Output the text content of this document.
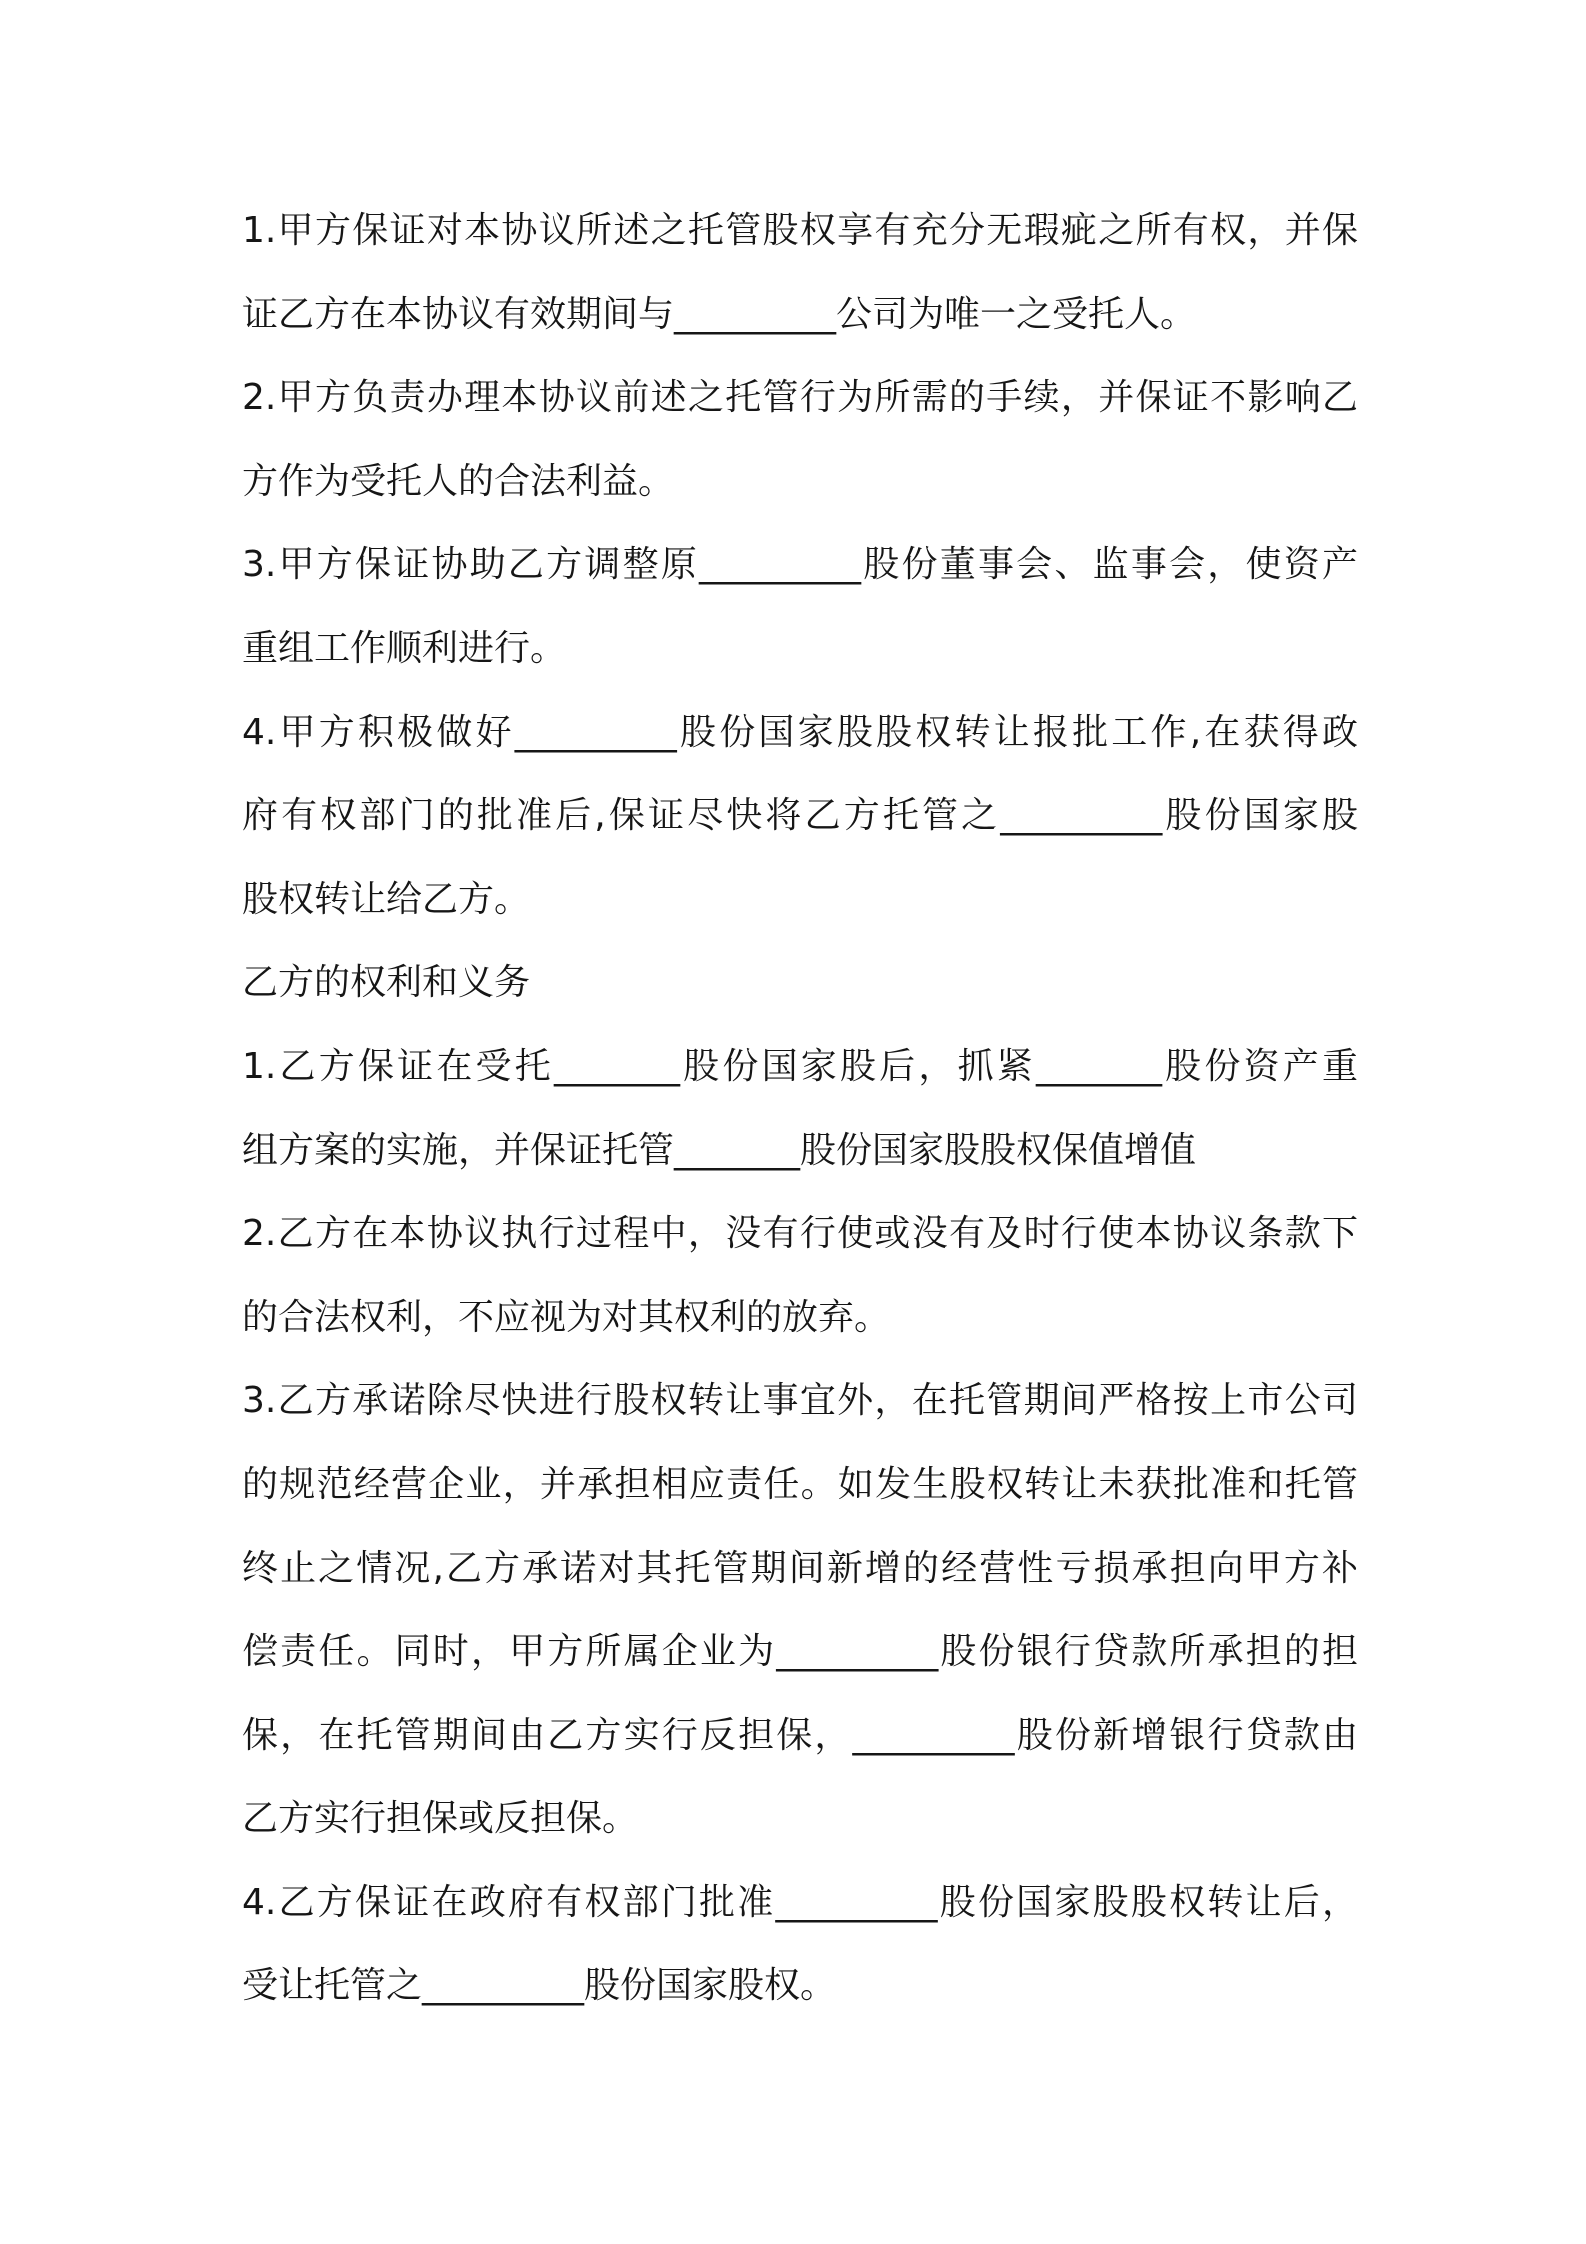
1.甲方保证对本协议所述之托管股权享有充分无瑕疵之所有权，并保
证乙方在本协议有效期间与_________公司为唯一之受托人。
2.甲方负责办理本协议前述之托管行为所需的手续，并保证不影响乙
方作为受托人的合法利益。
3.甲方保证协助乙方调整原_________股份董事会、监事会，使资产
重组工作顺利进行。
4.甲方积极做好_________股份国家股股权转让报批工作,在获得政
府有权部门的批准后,保证尽快将乙方托管之_________股份国家股
股权转让给乙方。
乙方的权利和义务
1.乙方保证在受托_______股份国家股后，抓紧_______股份资产重
组方案的实施，并保证托管_______股份国家股股权保值增值
2.乙方在本协议执行过程中，没有行使或没有及时行使本协议条款下
的合法权利，不应视为对其权利的放弃。
3.乙方承诺除尽快进行股权转让事宜外，在托管期间严格按上市公司
的规范经营企业，并承担相应责任。如发生股权转让未获批准和托管
终止之情况,乙方承诺对其托管期间新增的经营性亏损承担向甲方补
偿责任。同时，甲方所属企业为_________股份银行贷款所承担的担
保，在托管期间由乙方实行反担保，_________股份新增银行贷款由
乙方实行担保或反担保。
4.乙方保证在政府有权部门批准_________股份国家股股权转让后，
受让托管之_________股份国家股权。
